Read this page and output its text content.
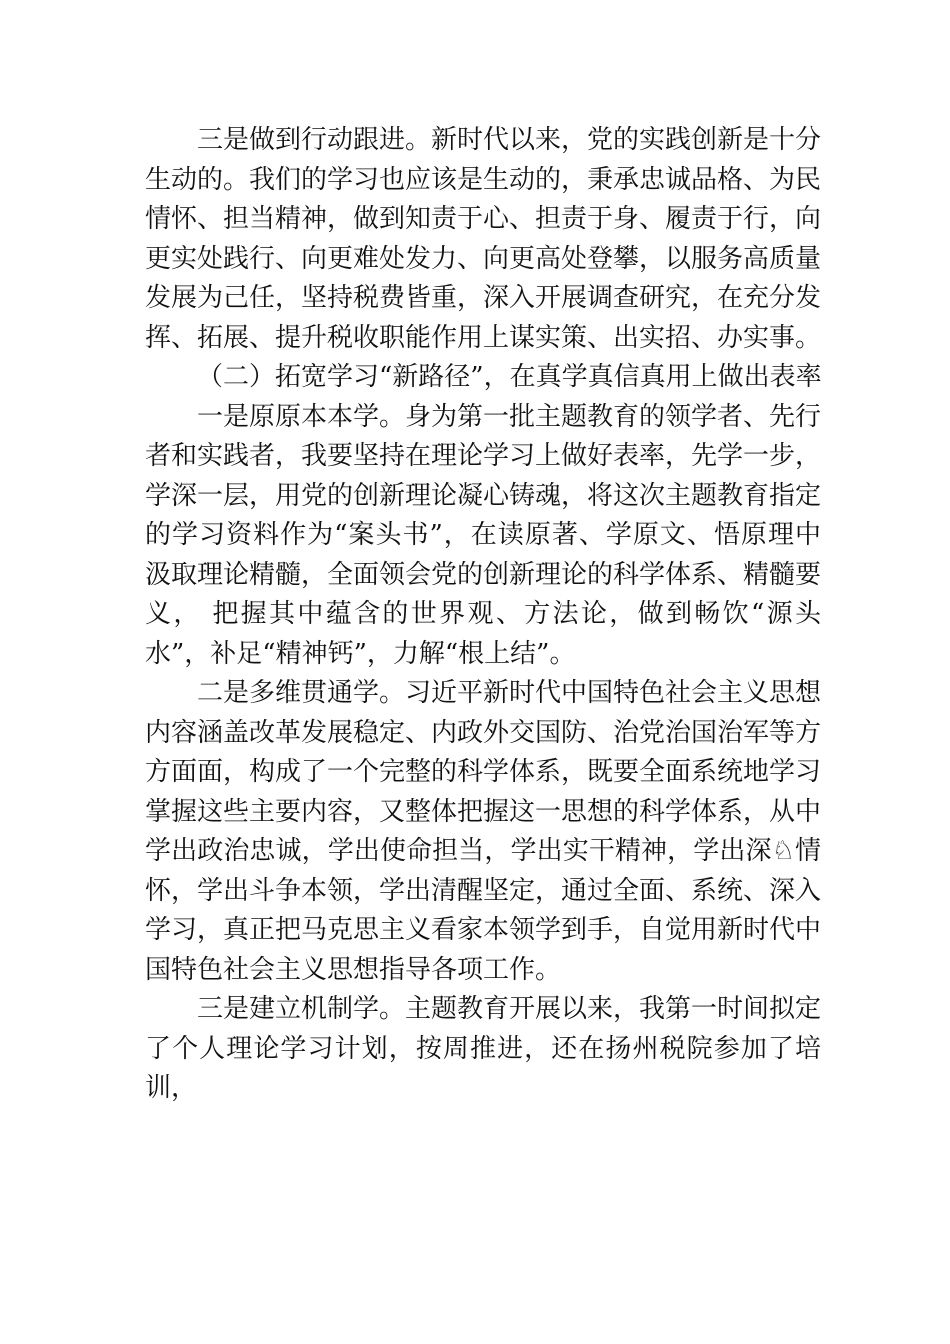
三是做到行动跟进。新时代以来，党的实践创新是十分生动的。我们的学习也应该是生动的，秉承忠诚品格、为民情怀、担当精神，做到知责于心、担责于身、履责于行，向更实处践行、向更难处发力、向更高处登攀，以服务高质量发展为己任，坚持税费皆重，深入开展调查研究，在充分发挥、拓展、提升税收职能作用上谋实策、出实招、办实事。

（二）拓宽学习“新路径”，在真学真信真用上做出表率

一是原原本本学。身为第一批主题教育的领学者、先行者和实践者，我要坚持在理论学习上做好表率，先学一步，学深一层，用党的创新理论凝心铸魂，将这次主题教育指定的学习资料作为“案头书”，在读原著、学原文、悟原理中汲取理论精髓，全面领会党的创新理论的科学体系、精髓要义， 把握其中蕴含的世界观、方法论，做到畅饮“源头水”，补足“精神钙”，力解“根上结”。

二是多维贯通学。习近平新时代中国特色社会主义思想内容涵盖改革发展稳定、内政外交国防、治党治国治军等方方面面，构成了一个完整的科学体系，既要全面系统地学习掌握这些主要内容，又整体把握这一思想的科学体系，从中学出政治忠诚，学出使命担当，学出实干精神，学出深♘情怀，学出斗争本领，学出清醒坚定，通过全面、系统、深入学习，真正把马克思主义看家本领学到手，自觉用新时代中国特色社会主义思想指导各项工作。

三是建立机制学。主题教育开展以来，我第一时间拟定了个人理论学习计划，按周推进，还在扬州税院参加了培训，
